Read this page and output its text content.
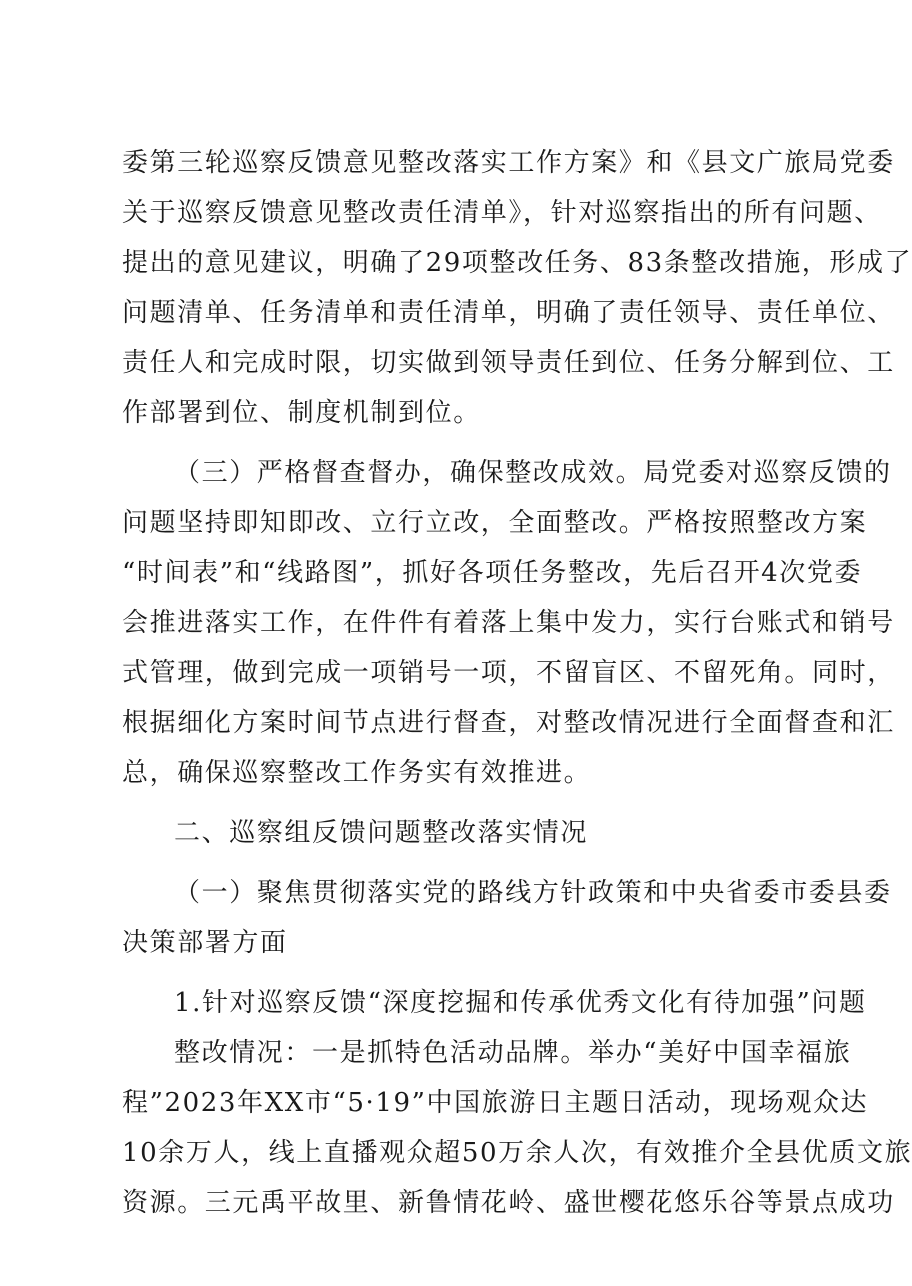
委第三轮巡察反馈意见整改落实工作方案》和《县文广旅局党委
关于巡察反馈意见整改责任清单》，针对巡察指出的所有问题、
提出的意见建议，明确了29项整改任务、83条整改措施，形成了
问题清单、任务清单和责任清单，明确了责任领导、责任单位、
责任人和完成时限，切实做到领导责任到位、任务分解到位、工
作部署到位、制度机制到位。
（三）严格督查督办，确保整改成效。局党委对巡察反馈的
问题坚持即知即改、立行立改，全面整改。严格按照整改方案
“时间表”和“线路图”，抓好各项任务整改，先后召开4次党委
会推进落实工作，在件件有着落上集中发力，实行台账式和销号
式管理，做到完成一项销号一项，不留盲区、不留死角。同时，
根据细化方案时间节点进行督查，对整改情况进行全面督查和汇
总，确保巡察整改工作务实有效推进。
二、巡察组反馈问题整改落实情况
（一）聚焦贯彻落实党的路线方针政策和中央省委市委县委
决策部署方面
1.针对巡察反馈“深度挖掘和传承优秀文化有待加强”问题
整改情况：一是抓特色活动品牌。举办“美好中国幸福旅
程”2023年XX市“5·19”中国旅游日主题日活动，现场观众达
10余万人，线上直播观众超50万余人次，有效推介全县优质文旅
资源。三元禹平故里、新鲁情花岭、盛世樱花悠乐谷等景点成功
